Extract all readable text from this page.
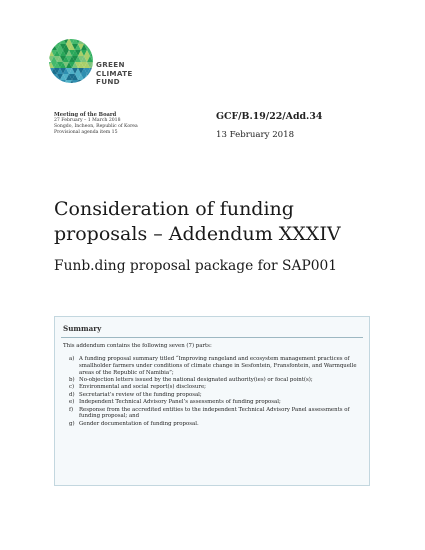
GREEN
CLIMATE
FUND
Meeting of the Board
27 February – 1 March 2018
Songdo, Incheon, Republic of Korea
Provisional agenda item 15
GCF/B.19/22/Add.34
13 February 2018
Consideration of funding
proposals – Addendum XXXIV
Funb.ding proposal package for SAP001
Summary
This addendum contains the following seven (7) parts:
a) A funding proposal summary titled “Improving rangeland and ecosystem management practices of smallholder farmers under conditions of climate change in Sesfontein, Fransfontein, and Warmquelle areas of the Republic of Namibia”;
b) No-objection letters issued by the national designated authority(ies) or focal point(s);
c) Environmental and social report(s) disclosure;
d) Secretariat’s review of the funding proposal;
e) Independent Technical Advisory Panel’s assessments of funding proposal;
f) Response from the accredited entities to the independent Technical Advisory Panel assessments of funding proposal; and
g) Gender documentation of funding proposal.
